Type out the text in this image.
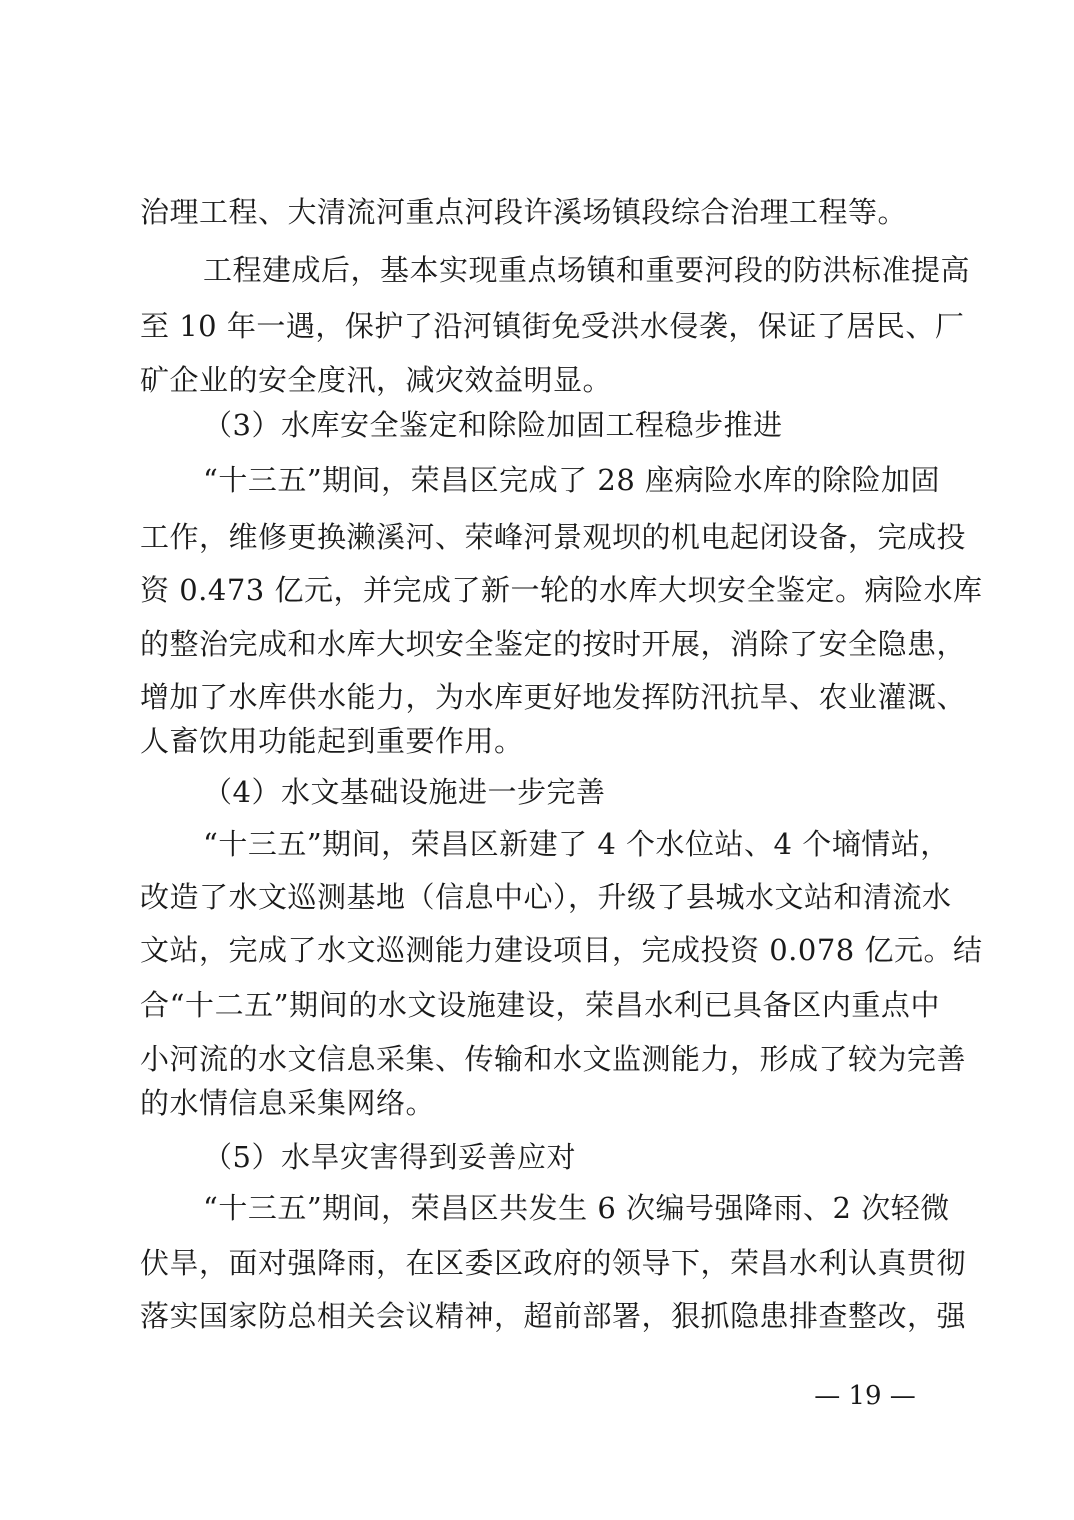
治理工程、大清流河重点河段许溪场镇段综合治理工程等。
工程建成后，基本实现重点场镇和重要河段的防洪标准提高
至 10 年一遇，保护了沿河镇街免受洪水侵袭，保证了居民、厂
矿企业的安全度汛，减灾效益明显。
（3）水库安全鉴定和除险加固工程稳步推进
“十三五”期间，荣昌区完成了 28 座病险水库的除险加固
工作，维修更换濑溪河、荣峰河景观坝的机电起闭设备，完成投
资 0.473 亿元，并完成了新一轮的水库大坝安全鉴定。病险水库
的整治完成和水库大坝安全鉴定的按时开展，消除了安全隐患，
增加了水库供水能力，为水库更好地发挥防汛抗旱、农业灌溉、
人畜饮用功能起到重要作用。
（4）水文基础设施进一步完善
“十三五”期间，荣昌区新建了 4 个水位站、4 个墒情站，
改造了水文巡测基地（信息中心），升级了县城水文站和清流水
文站，完成了水文巡测能力建设项目，完成投资 0.078 亿元。结
合“十二五”期间的水文设施建设，荣昌水利已具备区内重点中
小河流的水文信息采集、传输和水文监测能力，形成了较为完善
的水情信息采集网络。
（5）水旱灾害得到妥善应对
“十三五”期间，荣昌区共发生 6 次编号强降雨、2 次轻微
伏旱，面对强降雨，在区委区政府的领导下，荣昌水利认真贯彻
落实国家防总相关会议精神，超前部署，狠抓隐患排查整改，强
— 19 —
